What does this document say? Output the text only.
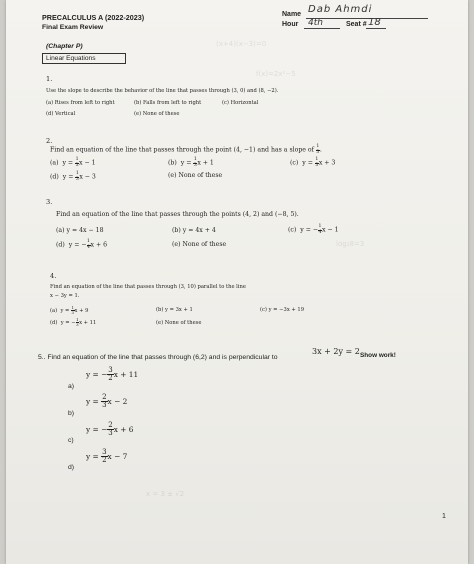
PRECALCULUS A (2022-2023)
Final Exam Review
Name Dab Ahmdi
Hour 4th	Seat # 18
(Chapter P)
Linear Equations
(x+4)(x−3)=0
f(x)=2x²−5
log₂8=3
1.
Use the slope to describe the behavior of the line that passes through (3, 0) and (8, −2).
(a) Rises from left to right	(b) Falls from left to right	(c) Horizontal
(d) Vertical	(e) None of these
2.
Find an equation of the line that passes through the point (4, −1) and has a slope of $\frac{1}{3}$ .
(a) $y = \frac{1}{3}$ x − 1	(b) $y = \frac{1}{3}$ x + 1	(c) $y = \frac{1}{3}$ x + 3
(d) $y = \frac{1}{3}$ x − 3	(e) None of these
3.
Find an equation of the line that passes through the points (4, 2) and (−8, 5).
(a) y = 4x − 18	(b) y = 4x + 4	(c) y = − $\frac{1}{4}$ x − 1
(d) y = − $\frac{1}{4}$ x + 6	(e) None of these
4.
Find an equation of the line that passes through (3, 10) parallel to the line
x − 3y = 1.
(a) $y = \frac{1}{3}$ x + 9	(b) y = 3x + 1	(c) y = −3x + 19
(d) y = − $\frac{1}{3}$ x + 11	(e) None of these
5.. Find an equation of the line that passes through (6,2) and is perpendicular to
3x + 2y = 2 Show work!
a)
y = − $\frac{3}{2}$ x + 11
b)
$y = \frac{2}{3}$ x − 2
c)
y = − $\frac{2}{3}$ x + 6
d)
$y = \frac{3}{2}$ x − 7
x = 3 ± √2
1
